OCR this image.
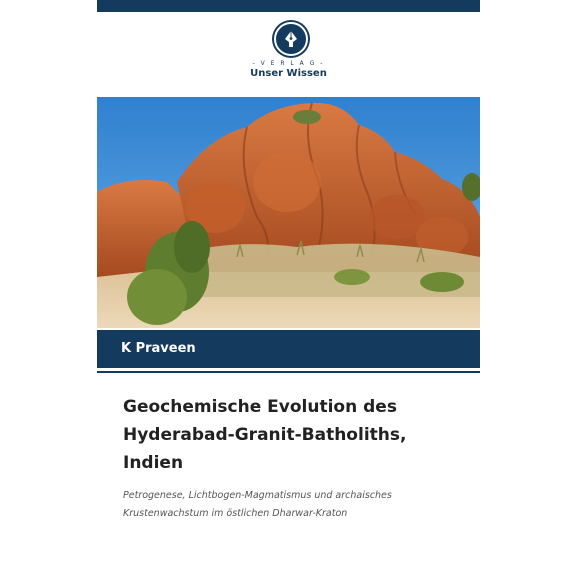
- V E R L A G -
Unser Wissen
K Praveen
Geochemische Evolution des
Hyderabad-Granit-Batholiths,
Indien

Petrogenese, Lichtbogen-Magmatismus und archaisches
Krustenwachstum im östlichen Dharwar-Kraton
